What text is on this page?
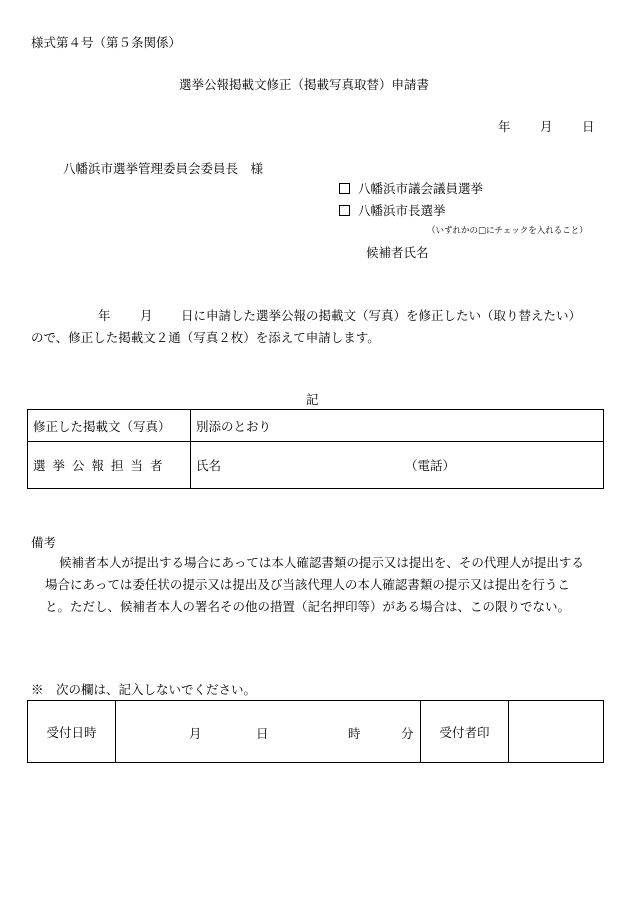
様式第４号（第５条関係）
選挙公報掲載文修正（掲載写真取替）申請書
年 月 日
八幡浜市選挙管理委員会委員長　様
八幡浜市議会議員選挙
八幡浜市長選挙
（いずれかの□にチェックを入れること）
候補者氏名
年 月 日に申請した選挙公報の掲載文（写真）を修正したい（取り替えたい）
ので、修正した掲載文２通（写真２枚）を添えて申請します。
記
修正した掲載文（写真）	別添のとおり
選挙公報担当者	氏名 （電話）
備考
候補者本人が提出する場合にあっては本人確認書類の提示又は提出を、その代理人が提出する場合にあっては委任状の提示又は提出及び当該代理人の本人確認書類の提示又は提出を行うこと。ただし、候補者本人の署名その他の措置（記名押印等）がある場合は、この限りでない。
※　次の欄は、記入しないでください。
受付日時	月	日	時	分	受付者印	
